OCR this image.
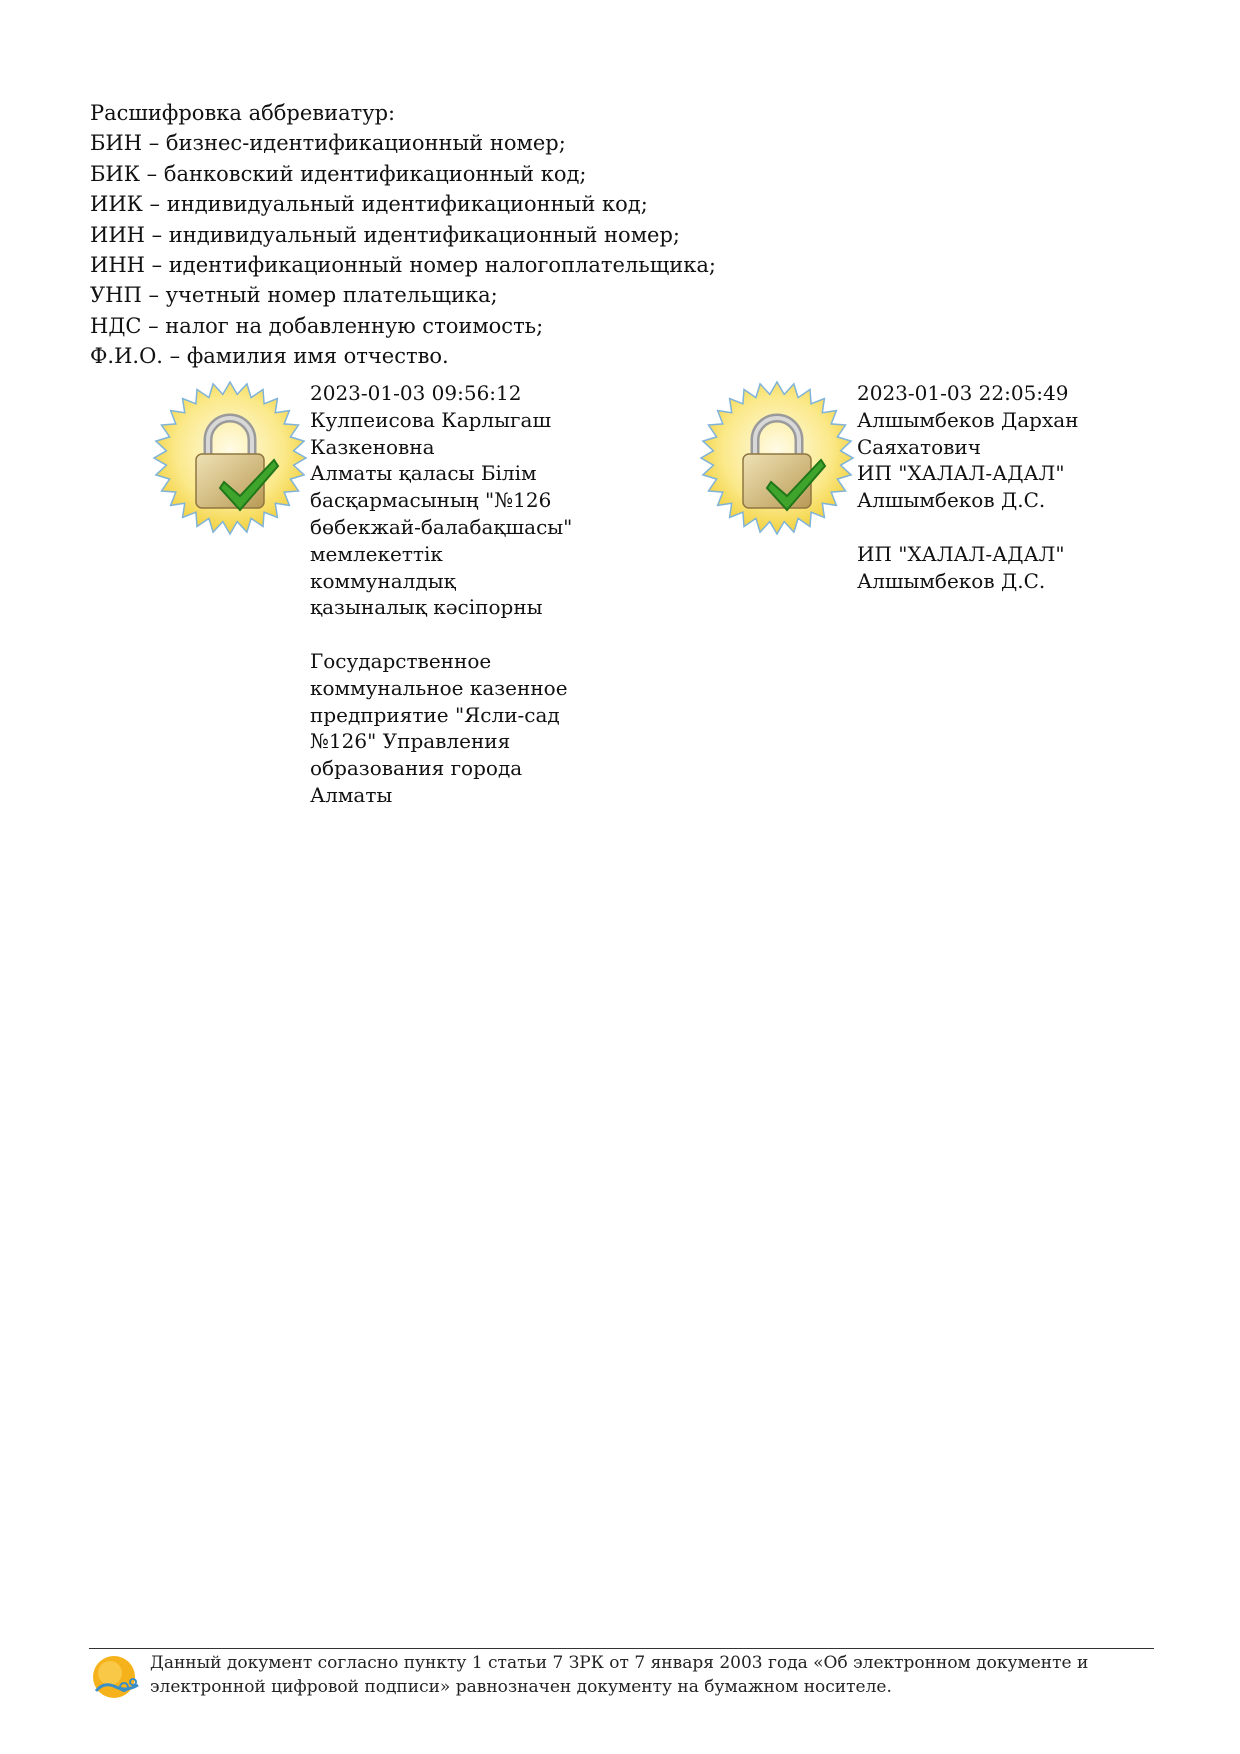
Расшифровка аббревиатур:
БИН – бизнес-идентификационный номер;
БИК – банковский идентификационный код;
ИИК – индивидуальный идентификационный код;
ИИН – индивидуальный идентификационный номер;
ИНН – идентификационный номер налогоплательщика;
УНП – учетный номер плательщика;
НДС – налог на добавленную стоимость;
Ф.И.О. – фамилия имя отчество.
2023-01-03 09:56:12
Кулпеисова Карлыгаш
Казкеновна
Алматы қаласы Білім
басқармасының "№126
бөбекжай-балабақшасы"
мемлекеттік
коммуналдық
қазыналық кәсіпорны
Государственное
коммунальное казенное
предприятие "Ясли-сад
№126" Управления
образования города
Алматы
2023-01-03 22:05:49
Алшымбеков Дархан
Саяхатович
ИП "ХАЛАЛ-АДАЛ"
Алшымбеков Д.С.
ИП "ХАЛАЛ-АДАЛ"
Алшымбеков Д.С.
Данный документ согласно пункту 1 статьи 7 ЗРК от 7 января 2003 года «Об электронном документе и
электронной цифровой подписи» равнозначен документу на бумажном носителе.
